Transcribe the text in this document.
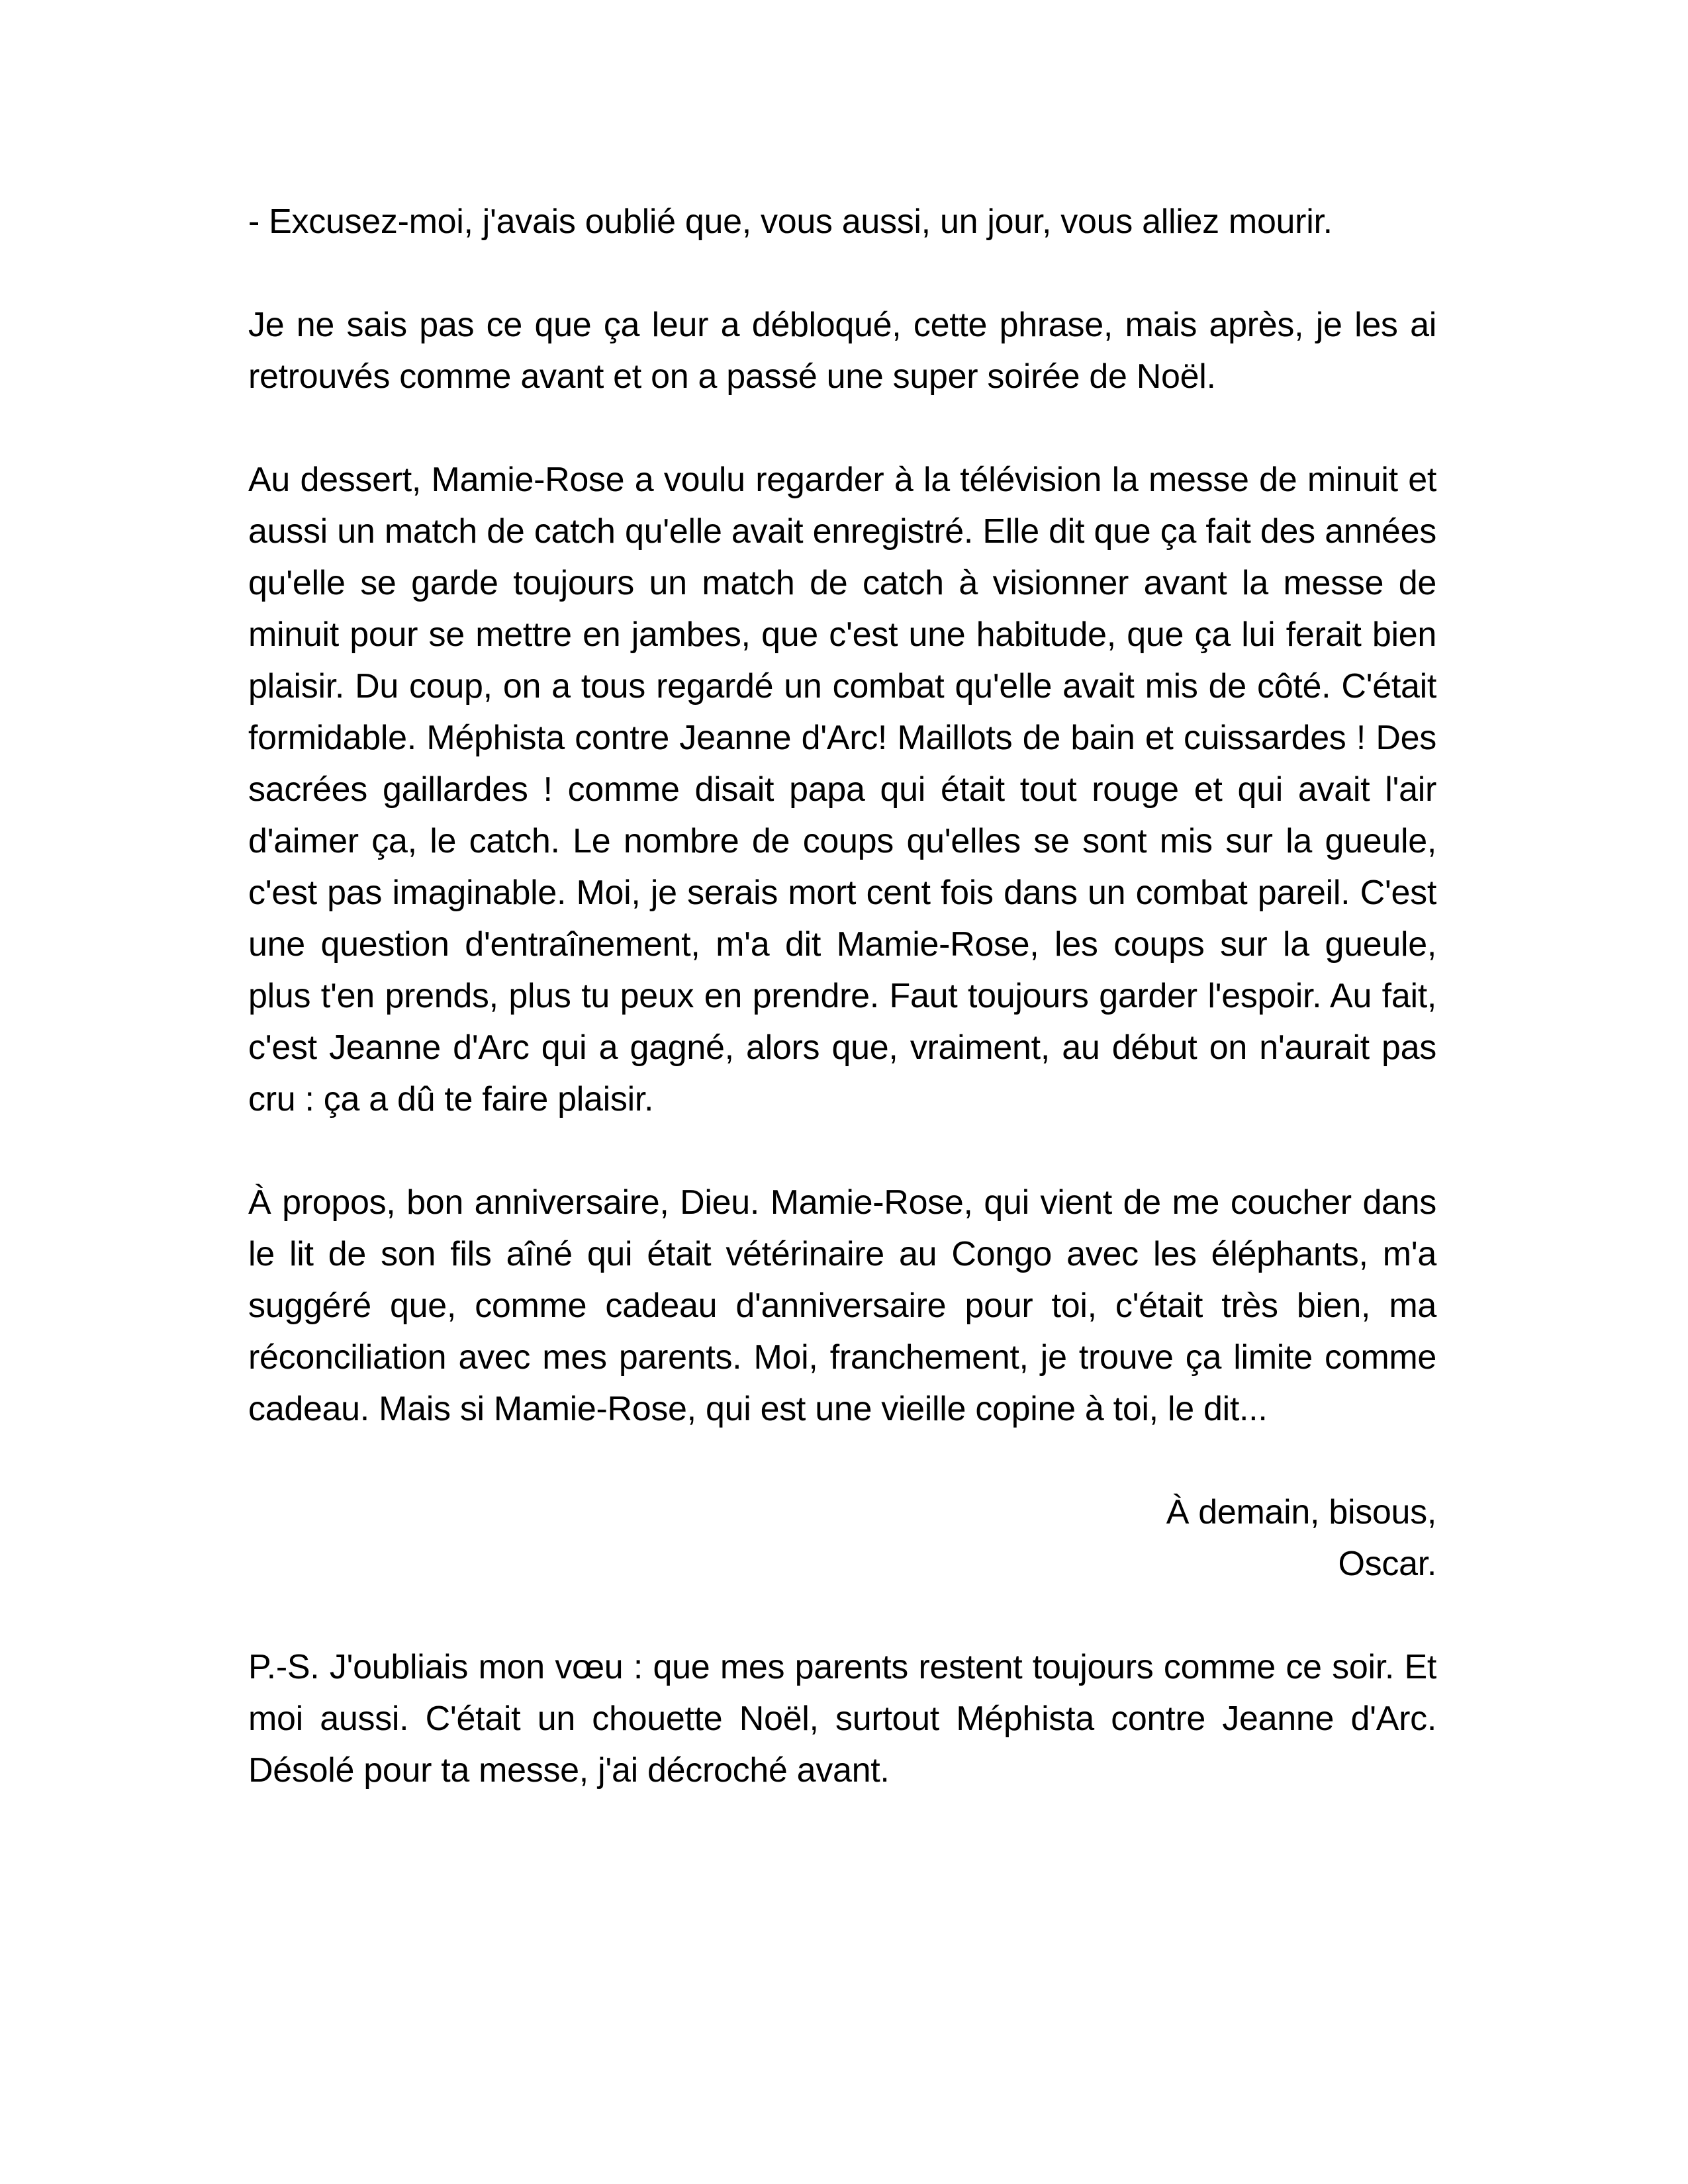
- Excusez-moi, j'avais oublié que, vous aussi, un jour, vous alliez mourir.

Je ne sais pas ce que ça leur a débloqué, cette phrase, mais après, je les ai retrouvés comme avant et on a passé une super soirée de Noël.

Au dessert, Mamie-Rose a voulu regarder à la télévision la messe de minuit et aussi un match de catch qu'elle avait enregistré. Elle dit que ça fait des années qu'elle se garde toujours un match de catch à visionner avant la messe de minuit pour se mettre en jambes, que c'est une habitude, que ça lui ferait bien plaisir. Du coup, on a tous regardé un combat qu'elle avait mis de côté. C'était formidable. Méphista contre Jeanne d'Arc! Maillots de bain et cuissardes ! Des sacrées gaillardes ! comme disait papa qui était tout rouge et qui avait l'air d'aimer ça, le catch. Le nombre de coups qu'elles se sont mis sur la gueule, c'est pas imaginable. Moi, je serais mort cent fois dans un combat pareil. C'est une question d'entraînement, m'a dit Mamie-Rose, les coups sur la gueule, plus t'en prends, plus tu peux en prendre. Faut toujours garder l'espoir. Au fait, c'est Jeanne d'Arc qui a gagné, alors que, vraiment, au début on n'aurait pas cru : ça a dû te faire plaisir.

À propos, bon anniversaire, Dieu. Mamie-Rose, qui vient de me coucher dans le lit de son fils aîné qui était vétérinaire au Congo avec les éléphants, m'a suggéré que, comme cadeau d'anniversaire pour toi, c'était très bien, ma réconciliation avec mes parents. Moi, franchement, je trouve ça limite comme cadeau. Mais si Mamie-Rose, qui est une vieille copine à toi, le dit...

À demain, bisous,

Oscar.

P.-S. J'oubliais mon vœu : que mes parents restent toujours comme ce soir. Et moi aussi. C'était un chouette Noël, surtout Méphista contre Jeanne d'Arc. Désolé pour ta messe, j'ai décroché avant.
